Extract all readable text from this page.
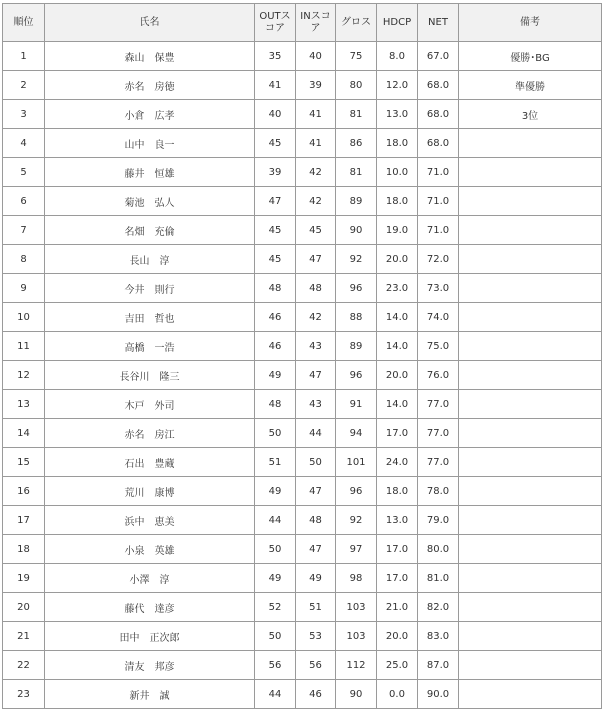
順位	氏名	OUTスコア	INスコア	グロス	HDCP	NET	備考
1	森山　保豊	35	40	75	8.0	67.0	優勝･BG
2	赤名　房徳	41	39	80	12.0	68.0	準優勝
3	小倉　広孝	40	41	81	13.0	68.0	3位
4	山中　良一	45	41	86	18.0	68.0	
5	藤井　恒雄	39	42	81	10.0	71.0	
6	菊池　弘人	47	42	89	18.0	71.0	
7	名畑　充倫	45	45	90	19.0	71.0	
8	長山　淳	45	47	92	20.0	72.0	
9	今井　則行	48	48	96	23.0	73.0	
10	吉田　哲也	46	42	88	14.0	74.0	
11	高橋　一浩	46	43	89	14.0	75.0	
12	長谷川　隆三	49	47	96	20.0	76.0	
13	木戸　外司	48	43	91	14.0	77.0	
14	赤名　房江	50	44	94	17.0	77.0	
15	石出　豊蔵	51	50	101	24.0	77.0	
16	荒川　康博	49	47	96	18.0	78.0	
17	浜中　恵美	44	48	92	13.0	79.0	
18	小泉　英雄	50	47	97	17.0	80.0	
19	小澤　淳	49	49	98	17.0	81.0	
20	藤代　達彦	52	51	103	21.0	82.0	
21	田中　正次郎	50	53	103	20.0	83.0	
22	清友　邦彦	56	56	112	25.0	87.0	
23	新井　誠	44	46	90	0.0	90.0	
